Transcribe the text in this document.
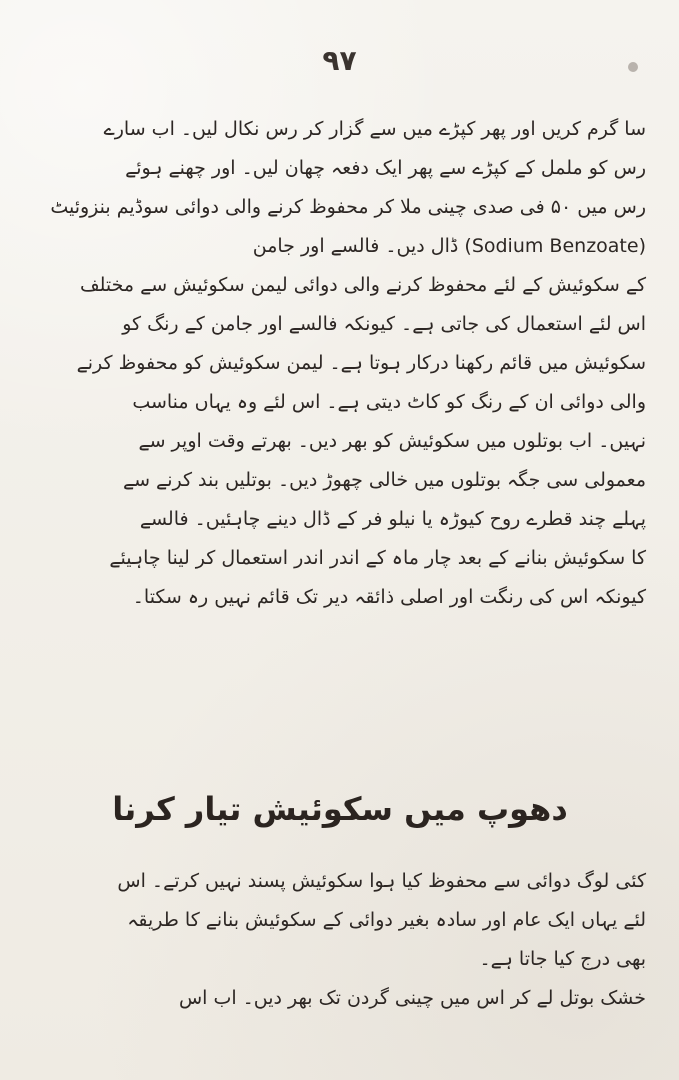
۹۷
سا گرم کریں اور پھر کپڑے میں سے گزار کر رس نکال لیں۔ اب سارے
رس کو ململ کے کپڑے سے پھر ایک دفعہ چھان لیں۔ اور چھنے ہوئے
رس میں ۵۰ فی صدی چینی ملا کر محفوظ کرنے والی دوائی سوڈیم بنزوئیٹ
(Sodium Benzoate) ڈال دیں۔ فالسے اور جامن
کے سکوئیش کے لئے محفوظ کرنے والی دوائی لیمن سکوئیش سے مختلف
اس لئے استعمال کی جاتی ہے۔ کیونکہ فالسے اور جامن کے رنگ کو
سکوئیش میں قائم رکھنا درکار ہوتا ہے۔ لیمن سکوئیش کو محفوظ کرنے
والی دوائی ان کے رنگ کو کاٹ دیتی ہے۔ اس لئے وہ یہاں مناسب
نہیں۔ اب بوتلوں میں سکوئیش کو بھر دیں۔ بھرتے وقت اوپر سے
معمولی سی جگہ بوتلوں میں خالی چھوڑ دیں۔ بوتلیں بند کرنے سے
پہلے چند قطرے روح کیوڑہ یا نیلو فر کے ڈال دینے چاہئیں۔ فالسے
کا سکوئیش بنانے کے بعد چار ماہ کے اندر اندر استعمال کر لینا چاہیئے
کیونکہ اس کی رنگت اور اصلی ذائقہ دیر تک قائم نہیں رہ سکتا۔
دھوپ میں سکوئیش تیار کرنا
کئی لوگ دوائی سے محفوظ کیا ہوا سکوئیش پسند نہیں کرتے۔ اس
لئے یہاں ایک عام اور سادہ بغیر دوائی کے سکوئیش بنانے کا طریقہ
بھی درج کیا جاتا ہے۔
خشک بوتل لے کر اس میں چینی گردن تک بھر دیں۔ اب اس
